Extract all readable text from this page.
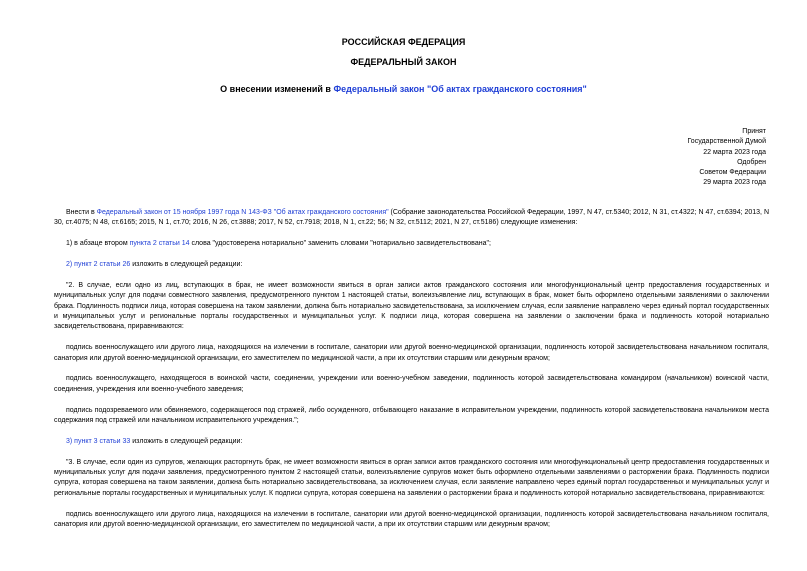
РОССИЙСКАЯ ФЕДЕРАЦИЯ
ФЕДЕРАЛЬНЫЙ ЗАКОН
О внесении изменений в Федеральный закон "Об актах гражданского состояния"
Принят
Государственной Думой
22 марта 2023 года
Одобрен
Советом Федерации
29 марта 2023 года

Внести в Федеральный закон от 15 ноября 1997 года N 143-ФЗ "Об актах гражданского состояния" (Собрание законодательства Российской Федерации, 1997, N 47, ст.5340; 2012, N 31, ст.4322; N 47, ст.6394; 2013, N 30, ст.4075; N 48, ст.6165; 2015, N 1, ст.70; 2016, N 26, ст.3888; 2017, N 52, ст.7918; 2018, N 1, ст.22; 56; N 32, ст.5112; 2021, N 27, ст.5186) следующие изменения:

1) в абзаце втором пункта 2 статьи 14 слова "удостоверена нотариально" заменить словами "нотариально засвидетельствована";

2) пункт 2 статьи 26 изложить в следующей редакции:

"2. В случае, если одно из лиц, вступающих в брак, не имеет возможности явиться в орган записи актов гражданского состояния или многофункциональный центр предоставления государственных и муниципальных услуг для подачи совместного заявления, предусмотренного пунктом 1 настоящей статьи, волеизъявление лиц, вступающих в брак, может быть оформлено отдельными заявлениями о заключении брака. Подлинность подписи лица, которая совершена на таком заявлении, должна быть нотариально засвидетельствована, за исключением случая, если заявление направлено через единый портал государственных и муниципальных услуг и региональные порталы государственных и муниципальных услуг. К подписи лица, которая совершена на заявлении о заключении брака и подлинность которой нотариально засвидетельствована, приравниваются:

подпись военнослужащего или другого лица, находящихся на излечении в госпитале, санатории или другой военно-медицинской организации, подлинность которой засвидетельствована начальником госпиталя, санатория или другой военно-медицинской организации, его заместителем по медицинской части, а при их отсутствии старшим или дежурным врачом;

подпись военнослужащего, находящегося в воинской части, соединении, учреждении или военно-учебном заведении, подлинность которой засвидетельствована командиром (начальником) воинской части, соединения, учреждения или военно-учебного заведения;

подпись подозреваемого или обвиняемого, содержащегося под стражей, либо осужденного, отбывающего наказание в исправительном учреждении, подлинность которой засвидетельствована начальником места содержания под стражей или начальником исправительного учреждения.";

3) пункт 3 статьи 33 изложить в следующей редакции:

"3. В случае, если один из супругов, желающих расторгнуть брак, не имеет возможности явиться в орган записи актов гражданского состояния или многофункциональный центр предоставления государственных и муниципальных услуг для подачи заявления, предусмотренного пунктом 2 настоящей статьи, волеизъявление супругов может быть оформлено отдельными заявлениями о расторжении брака. Подлинность подписи супруга, которая совершена на таком заявлении, должна быть нотариально засвидетельствована, за исключением случая, если заявление направлено через единый портал государственных и муниципальных услуг и региональные порталы государственных и муниципальных услуг. К подписи супруга, которая совершена на заявлении о расторжении брака и подлинность которой нотариально засвидетельствована, приравниваются:

подпись военнослужащего или другого лица, находящихся на излечении в госпитале, санатории или другой военно-медицинской организации, подлинность которой засвидетельствована начальником госпиталя, санатория или другой военно-медицинской организации, его заместителем по медицинской части, а при их отсутствии старшим или дежурным врачом;
